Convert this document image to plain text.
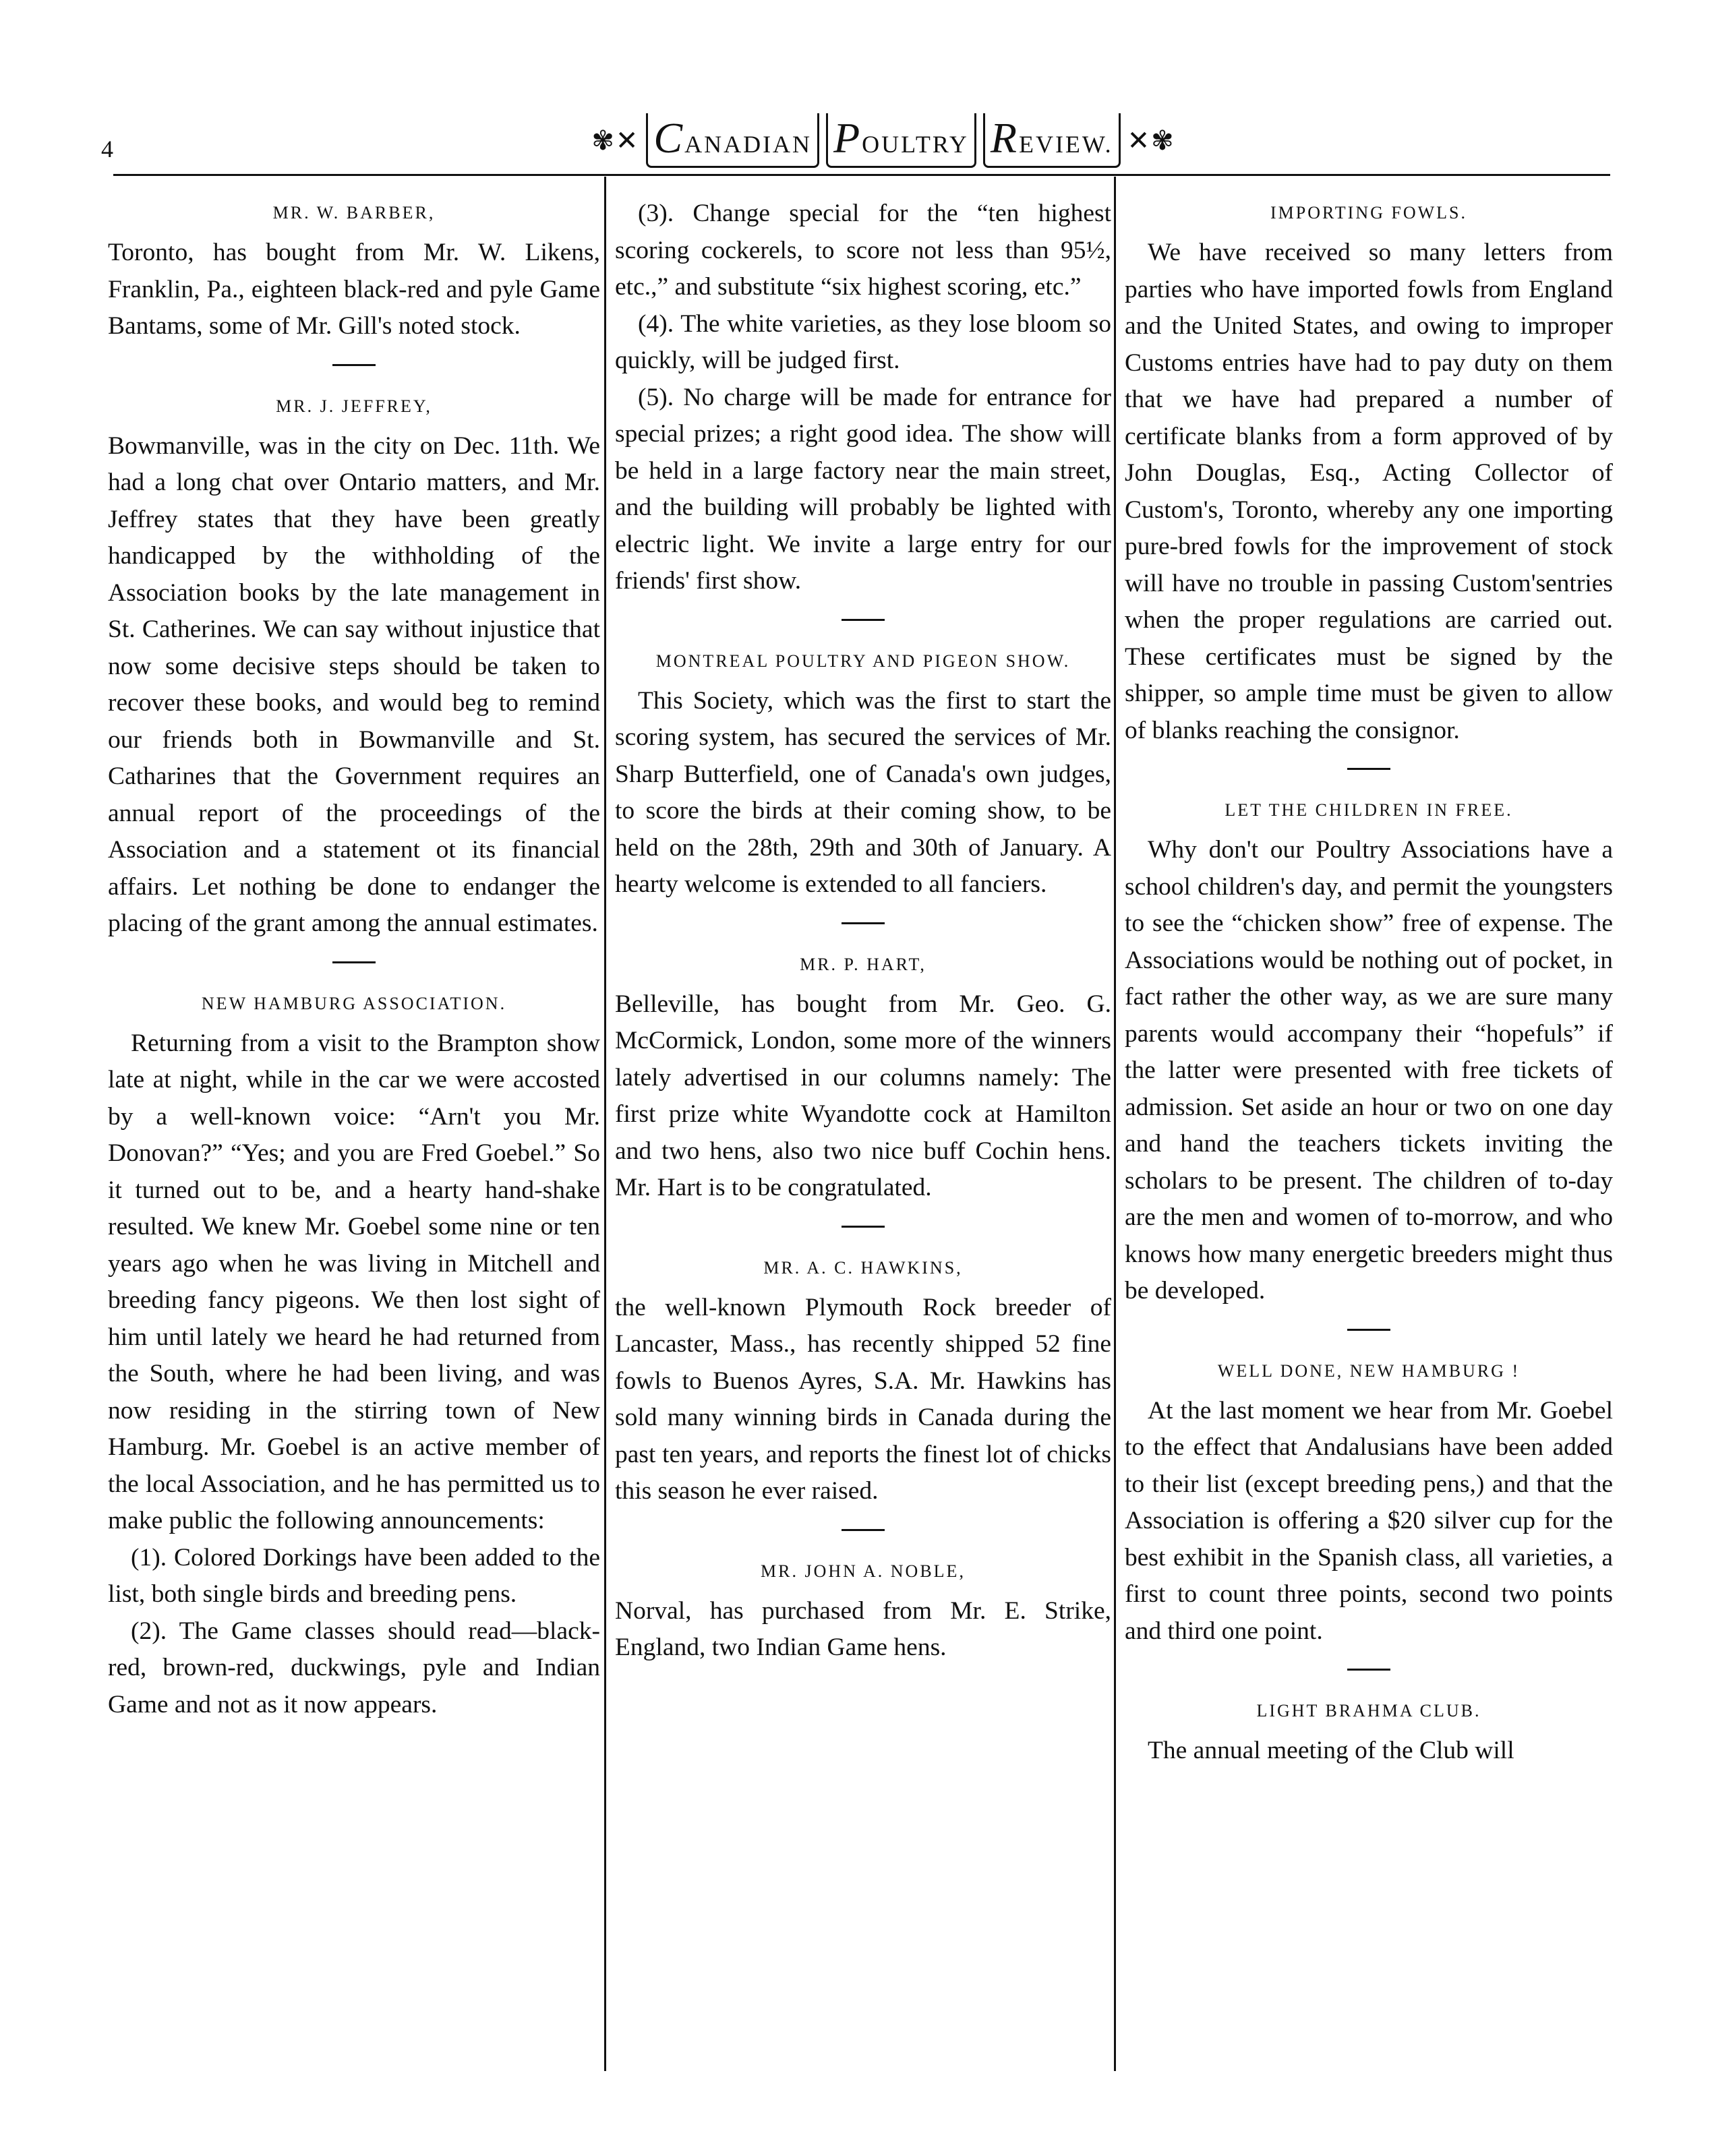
4	✾✕ CANADIAN POULTRY REVIEW. ✕✾
MR. W. BARBER,

Toronto, has bought from Mr. W. Likens, Franklin, Pa., eighteen black-red and pyle Game Bantams, some of Mr. Gill's noted stock.

MR. J. JEFFREY,

Bowmanville, was in the city on Dec. 11th. We had a long chat over Ontario matters, and Mr. Jeffrey states that they have been greatly handicapped by the withholding of the Association books by the late management in St. Catherines. We can say without injustice that now some decisive steps should be taken to recover these books, and would beg to remind our friends both in Bowmanville and St. Catharines that the Government requires an annual report of the proceedings of the Association and a statement ot its financial affairs. Let nothing be done to endanger the placing of the grant among the annual estimates.

NEW HAMBURG ASSOCIATION.

Returning from a visit to the Brampton show late at night, while in the car we were accosted by a well-known voice: “Arn't you Mr. Donovan?” “Yes; and you are Fred Goebel.” So it turned out to be, and a hearty hand-shake resulted. We knew Mr. Goebel some nine or ten years ago when he was living in Mitchell and breeding fancy pigeons. We then lost sight of him until lately we heard he had returned from the South, where he had been living, and was now residing in the stirring town of New Hamburg. Mr. Goebel is an active member of the local Association, and he has permitted us to make public the following announcements:

(1). Colored Dorkings have been added to the list, both single birds and breeding pens.

(2). The Game classes should read—black-red, brown-red, duckwings, pyle and Indian Game and not as it now appears.

(3). Change special for the “ten highest scoring cockerels, to score not less than 95½, etc.,” and substitute “six highest scoring, etc.”

(4). The white varieties, as they lose bloom so quickly, will be judged first.

(5). No charge will be made for entrance for special prizes; a right good idea. The show will be held in a large factory near the main street, and the building will probably be lighted with electric light. We invite a large entry for our friends' first show.

MONTREAL POULTRY AND PIGEON SHOW.

This Society, which was the first to start the scoring system, has secured the services of Mr. Sharp Butterfield, one of Canada's own judges, to score the birds at their coming show, to be held on the 28th, 29th and 30th of January. A hearty welcome is extended to all fanciers.

MR. P. HART,

Belleville, has bought from Mr. Geo. G. McCormick, London, some more of the winners lately advertised in our columns namely: The first prize white Wyandotte cock at Hamilton and two hens, also two nice buff Cochin hens. Mr. Hart is to be congratulated.

MR. A. C. HAWKINS,

the well-known Plymouth Rock breeder of Lancaster, Mass., has recently shipped 52 fine fowls to Buenos Ayres, S.A. Mr. Hawkins has sold many winning birds in Canada during the past ten years, and reports the finest lot of chicks this season he ever raised.

MR. JOHN A. NOBLE,

Norval, has purchased from Mr. E. Strike, England, two Indian Game hens.

IMPORTING FOWLS.

We have received so many letters from parties who have imported fowls from England and the United States, and owing to improper Customs entries have had to pay duty on them that we have had prepared a number of certificate blanks from a form approved of by John Douglas, Esq., Acting Collector of Custom's, Toronto, whereby any one importing pure-bred fowls for the improvement of stock will have no trouble in passing Custom'sentries when the proper regulations are carried out. These certificates must be signed by the shipper, so ample time must be given to allow of blanks reaching the consignor.

LET THE CHILDREN IN FREE.

Why don't our Poultry Associations have a school children's day, and permit the youngsters to see the “chicken show” free of expense. The Associations would be nothing out of pocket, in fact rather the other way, as we are sure many parents would accompany their “hopefuls” if the latter were presented with free tickets of admission. Set aside an hour or two on one day and hand the teachers tickets inviting the scholars to be present. The children of to-day are the men and women of to-morrow, and who knows how many energetic breeders might thus be developed.

WELL DONE, NEW HAMBURG !

At the last moment we hear from Mr. Goebel to the effect that Andalusians have been added to their list (except breeding pens,) and that the Association is offering a $20 silver cup for the best exhibit in the Spanish class, all varieties, a first to count three points, second two points and third one point.

LIGHT BRAHMA CLUB.

The annual meeting of the Club will
